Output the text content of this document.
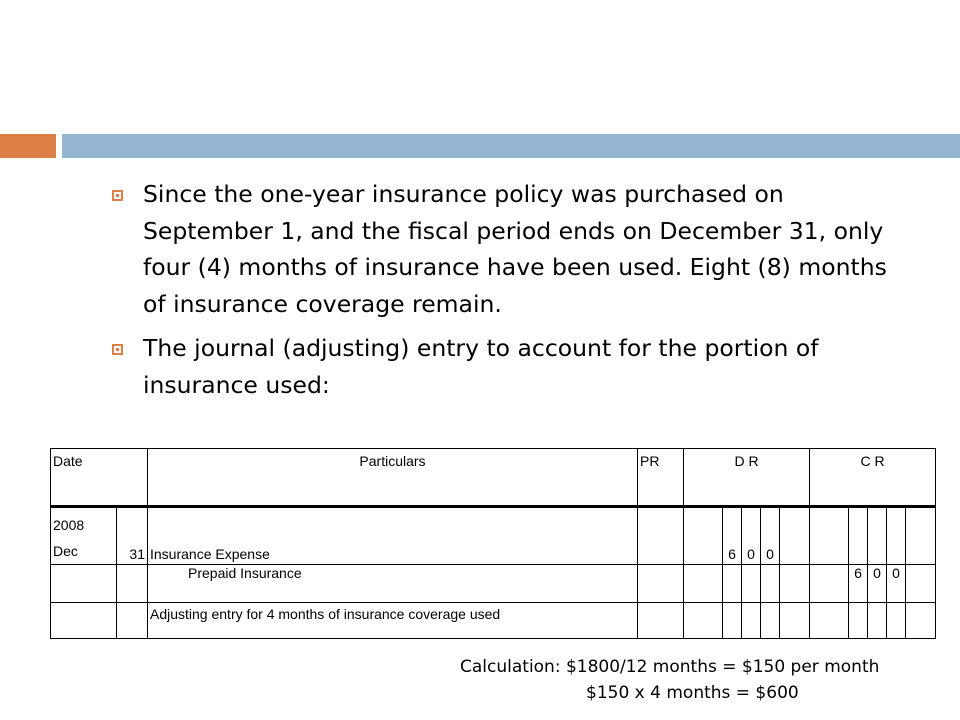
Since the one-year insurance policy was purchased on September 1, and the fiscal period ends on December 31, only four (4) months of insurance have been used. Eight (8) months of insurance coverage remain.
The journal (adjusting) entry to account for the portion of insurance used:
Date		Particulars	PR	D R					C R				

2008
Dec	31	Insurance Expense			6	0	0						
		Prepaid Insurance								6	0	0	
		Adjusting entry for 4 months of insurance coverage used											
Calculation: $1800/12 months = $150 per month
$150 x 4 months = $600
